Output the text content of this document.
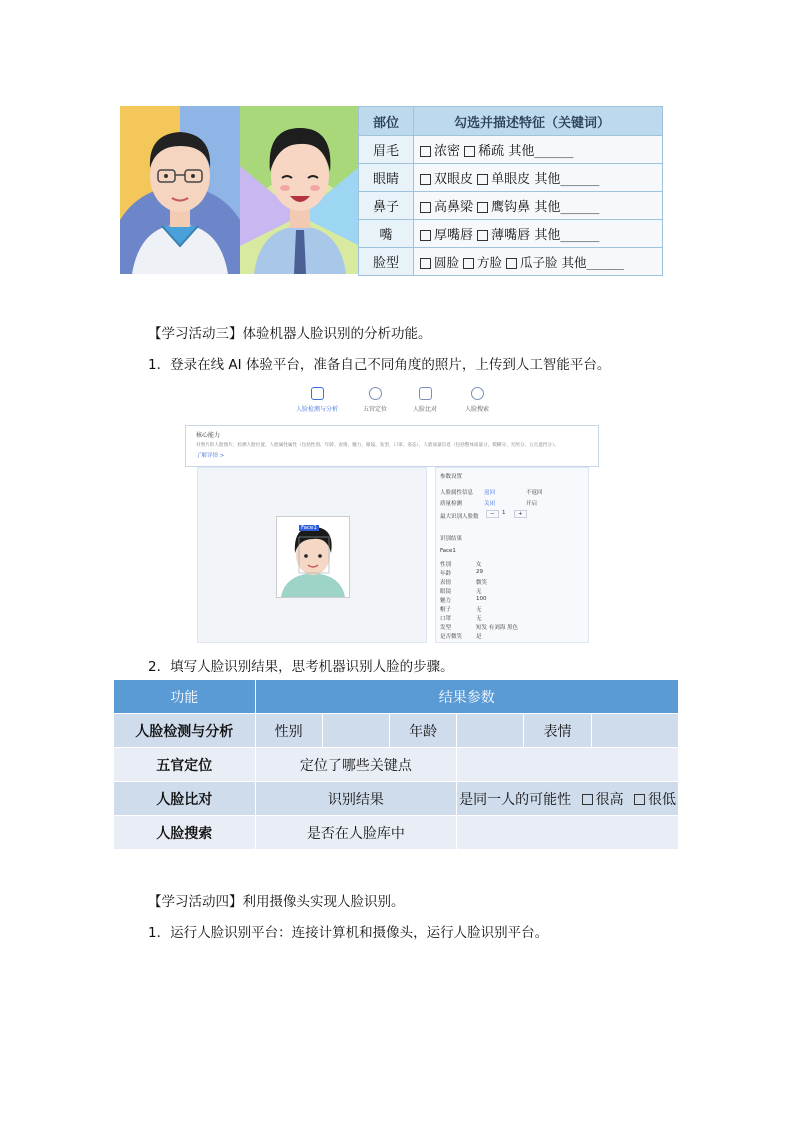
部位	勾选并描述特征（关键词）
眉毛	浓密 稀疏 其他______
眼睛	双眼皮 单眼皮 其他______
鼻子	高鼻梁 鹰钩鼻 其他______
嘴	厚嘴唇 薄嘴唇 其他______
脸型	圆脸 方脸 瓜子脸 其他______
【学习活动三】体验机器人脸识别的分析功能。
1．登录在线 AI 体验平台，准备自己不同角度的照片，上传到人工智能平台。
人脸检测与分析	五官定位	人脸比对	人脸搜索
核心能力
对照片的人脸图片，检测人脸位置、人脸属性属性（包括性别、年龄、表情、魅力、眼镜、发型、口罩、姿态）、人脸质量信息（包括整体质量分、模糊分、光照分、五官遮挡分）。
了解详情 >
Face1
参数设置
人脸属性信息 返回	不返回
质量检测	关闭	开启
最大识别人脸数	−	1	+
识别结果
Face1
性别	女
年龄	29
表情	微笑
眼镜	无
魅力	100
帽子	无
口罩	无
发型	短发 有刘海 黑色
是否微笑	是
2．填写人脸识别结果，思考机器识别人脸的步骤。
功能	结果参数					
人脸检测与分析	性别		年龄		表情	
五官定位	定位了哪些关键点					
人脸比对	识别结果			是同一人的可能性 很高 很低		
人脸搜索	是否在人脸库中					
【学习活动四】利用摄像头实现人脸识别。
1．运行人脸识别平台：连接计算机和摄像头，运行人脸识别平台。
